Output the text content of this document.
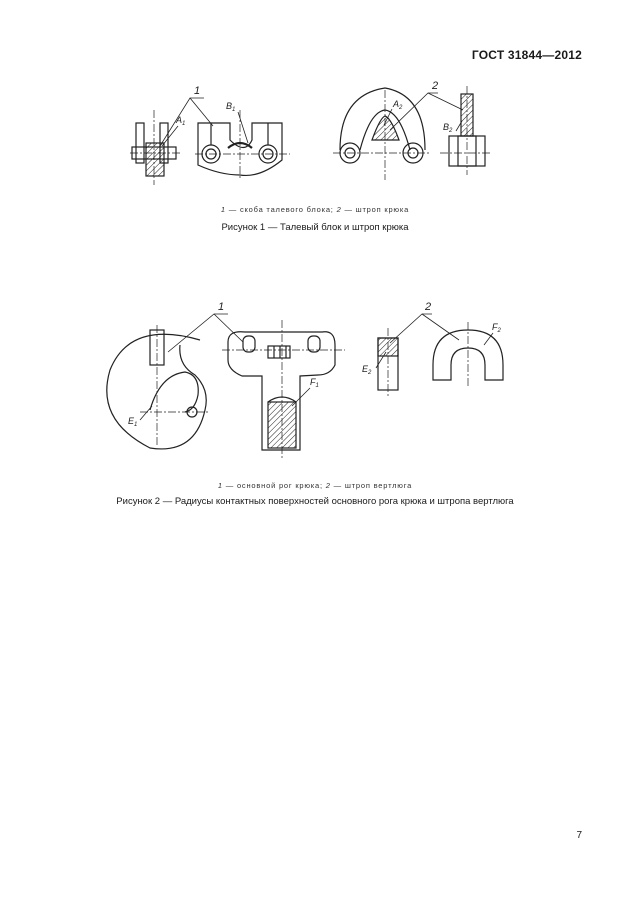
ГОСТ 31844—2012
1	2
$A_1$
$B_1$
$A_2$
$B_2$
1 — скоба талевого блока; 2 — штроп крюка
Рисунок 1 — Талевый блок и штроп крюка
1	2
$E_1$
$F_1$
$E_2$
$F_2$
1 — основной рог крюка; 2 — штроп вертлюга
Рисунок 2 — Радиусы контактных поверхностей основного рога крюка и штропа вертлюга
7
